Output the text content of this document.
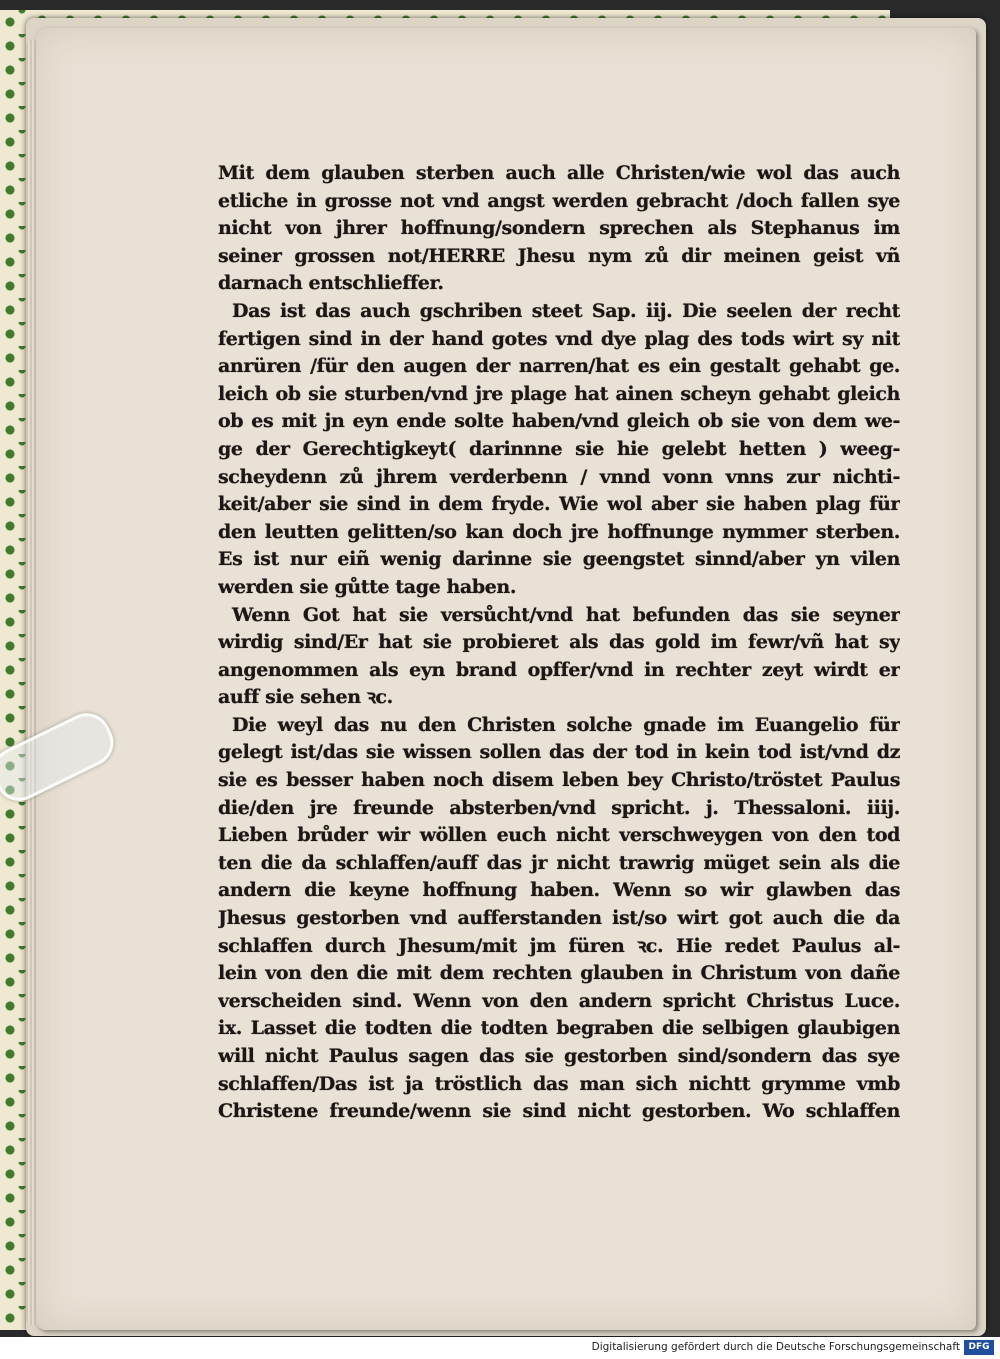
Mit dem glauben sterben auch alle Christen/wie wol das auch
etliche in grosse not vnd angst werden gebracht /doch fallen sye
nicht von jhrer hoffnung/sondern sprechen als Stephanus im
seiner grossen not/HERRE Jhesu nym zů dir meinen geist vñ
darnach entschlieffer.
Das ist das auch gschriben steet Sap. iij. Die seelen der recht
fertigen sind in der hand gotes vnd dye plag des tods wirt sy nit
anrüren /für den augen der narren/hat es ein gestalt gehabt ge.
leich ob sie sturben/vnd jre plage hat ainen scheyn gehabt gleich
ob es mit jn eyn ende solte haben/vnd gleich ob sie von dem we-
ge der Gerechtigkeyt( darinnne sie hie gelebt hetten ) weeg-
scheydenn zů jhrem verderbenn / vnnd vonn vnns zur nichti-
keit/aber sie sind in dem fryde. Wie wol aber sie haben plag für
den leutten gelitten/so kan doch jre hoffnunge nymmer sterben.
Es ist nur eiñ wenig darinne sie geengstet sinnd/aber yn vilen
werden sie gůtte tage haben.
Wenn Got hat sie versůcht/vnd hat befunden das sie seyner
wirdig sind/Er hat sie probieret als das gold im fewr/vñ hat sy
angenommen als eyn brand opffer/vnd in rechter zeyt wirdt er
auff sie sehen ꝛc.
Die weyl das nu den Christen solche gnade im Euangelio für
gelegt ist/das sie wissen sollen das der tod in kein tod ist/vnd dz
sie es besser haben noch disem leben bey Christo/tröstet Paulus
die/den jre freunde absterben/vnd spricht. j. Thessaloni. iiij.
Lieben brůder wir wöllen euch nicht verschweygen von den tod
ten die da schlaffen/auff das jr nicht trawrig müget sein als die
andern die keyne hoffnung haben. Wenn so wir glawben das
Jhesus gestorben vnd aufferstanden ist/so wirt got auch die da
schlaffen durch Jhesum/mit jm füren ꝛc. Hie redet Paulus al-
lein von den die mit dem rechten glauben in Christum von dañe
verscheiden sind. Wenn von den andern spricht Christus Luce.
ix. Lasset die todten die todten begraben die selbigen glaubigen
will nicht Paulus sagen das sie gestorben sind/sondern das sye
schlaffen/Das ist ja tröstlich das man sich nichtt grymme vmb
Christene freunde/wenn sie sind nicht gestorben. Wo schlaffen
Digitalisierung gefördert durch die Deutsche Forschungsgemeinschaft DFG
